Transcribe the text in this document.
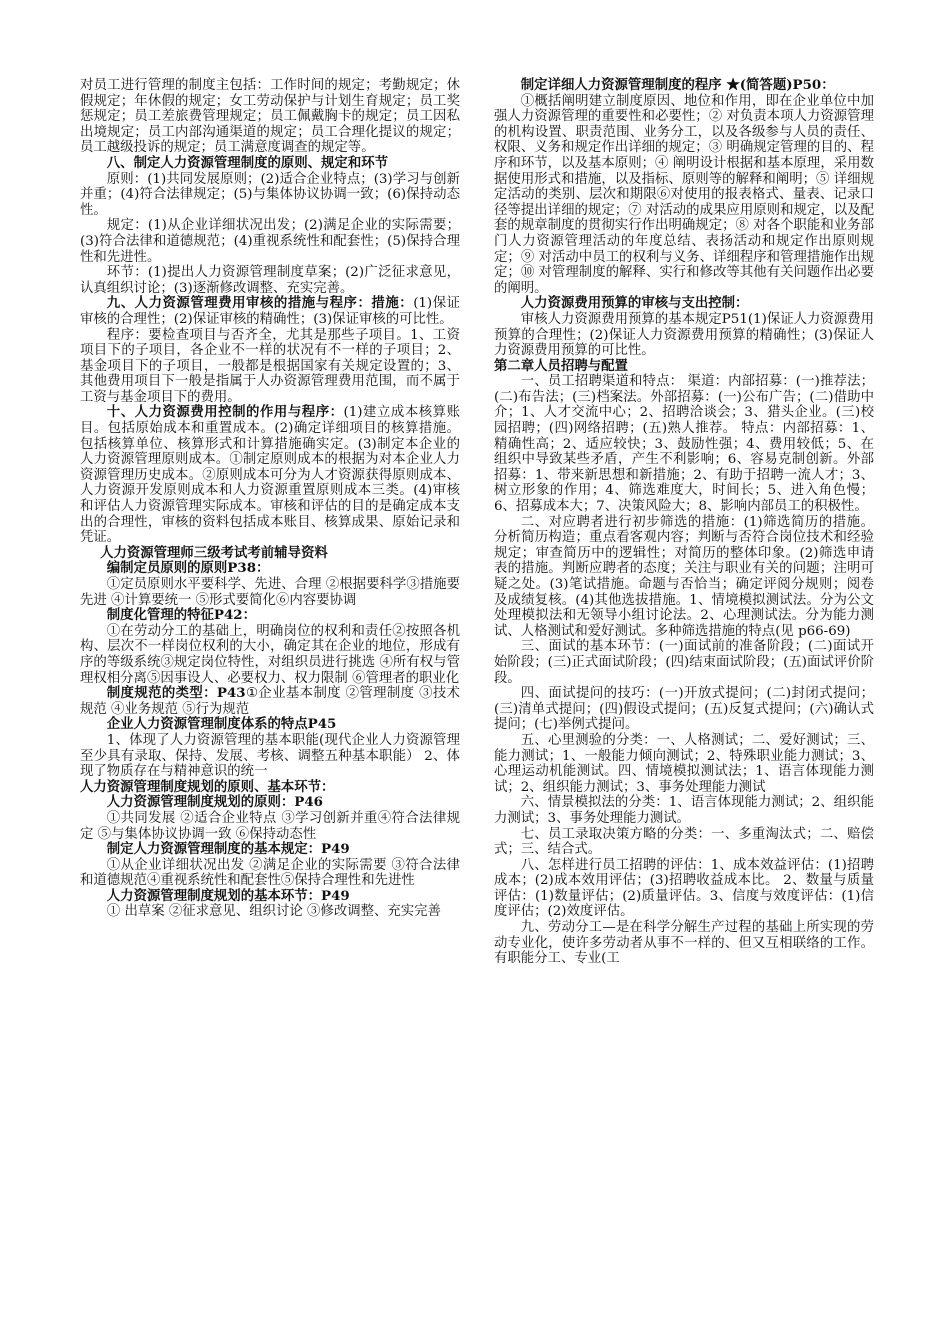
对员工进行管理的制度主包括：工作时间的规定；考勤规定；休假规定；年休假的规定；女工劳动保护与计划生育规定；员工奖惩规定；员工差旅费管理规定；员工佩戴胸卡的规定；员工因私出境规定；员工内部沟通渠道的规定；员工合理化提议的规定；员工越级投诉的规定；员工满意度调查的规定等。

八、制定人力资源管理制度的原则、规定和环节

原则：(1)共同发展原则；(2)适合企业特点；(3)学习与创新并重；(4)符合法律规定；(5)与集体协议协调一致；(6)保持动态性。

规定：(1)从企业详细状况出发；(2)满足企业的实际需要；(3)符合法律和道德规范；(4)重视系统性和配套性；(5)保持合理性和先进性。

环节：(1)提出人力资源管理制度草案；(2)广泛征求意见，认真组织讨论；(3)逐渐修改调整、充实完善。

九、人力资源管理费用审核的措施与程序：措施：(1)保证审核的合理性；(2)保证审核的精确性；(3)保证审核的可比性。

程序：要检查项目与否齐全，尤其是那些子项目。1、工资项目下的子项目，各企业不一样的状况有不一样的子项目；2、基金项目下的子项目，一般都是根据国家有关规定设置的；3、其他费用项目下一般是指属于人办资源管理费用范围，而不属于工资与基金项目下的费用。

十、人力资源费用控制的作用与程序：(1)建立成本核算账目。包括原始成本和重置成本。(2)确定详细项目的核算措施。包括核算单位、核算形式和计算措施确实定。(3)制定本企业的人力资源管理原则成本。①制定原则成本的根据为对本企业人力资源管理历史成本。②原则成本可分为人才资源获得原则成本、人力资源开发原则成本和人力资源重置原则成本三类。(4)审核和评估人力资源管理实际成本。审核和评估的目的是确定成本支出的合理性，审核的资料包括成本账目、核算成果、原始记录和凭证。

人力资源管理师三级考试考前辅导资料

编制定员原则的原则P38：

①定员原则水平要科学、先进、合理 ②根据要科学③措施要先进 ④计算要统一 ⑤形式要简化⑥内容要协调

制度化管理的特征P42：

①在劳动分工的基础上，明确岗位的权利和责任②按照各机构、层次不一样岗位权利的大小，确定其在企业的地位，形成有序的等级系统③规定岗位特性，对组织员进行挑选 ④所有权与管理权相分离⑤因事设人、必要权力、权力限制 ⑥管理者的职业化

制度规范的类型：P43①企业基本制度 ②管理制度 ③技术规范 ④业务规范 ⑤行为规范

企业人力资源管理制度体系的特点P45

1、体现了人力资源管理的基本职能(现代企业人力资源管理至少具有录取、保持、发展、考核、调整五种基本职能） 2、体现了物质存在与精神意识的统一

人力资源管理制度规划的原则、基本环节：

人力资源管理制度规划的原则：P46

①共同发展 ②适合企业特点 ③学习创新并重④符合法律规定 ⑤与集体协议协调一致 ⑥保持动态性

制定人力资源管理制度的基本规定：P49

①从企业详细状况出发 ②满足企业的实际需要 ③符合法律和道德规范④重视系统性和配套性⑤保持合理性和先进性

人力资源管理制度规划的基本环节：P49

① 出草案 ②征求意见、组织讨论 ③修改调整、充实完善

制定详细人力资源管理制度的程序 ★(简答题)P50：

①概括阐明建立制度原因、地位和作用，即在企业单位中加强人力资源管理的重要性和必要性；② 对负责本项人力资源管理的机构设置、职责范围、业务分工，以及各级参与人员的责任、权限、义务和规定作出详细的规定；③ 明确规定管理的目的、程序和环节，以及基本原则；④ 阐明设计根据和基本原理，采用数据使用形式和措施，以及指标、原则等的解释和阐明；⑤ 详细规定活动的类别、层次和期限⑥对使用的报表格式、量表、记录口径等提出详细的规定；⑦ 对活动的成果应用原则和规定，以及配套的规章制度的贯彻实行作出明确规定；⑧ 对各个职能和业务部门人力资源管理活动的年度总结、表扬活动和规定作出原则规定；⑨ 对活动中员工的权利与义务、详细程序和管理措施作出规定；⑩ 对管理制度的解释、实行和修改等其他有关问题作出必要的阐明。

人力资源费用预算的审核与支出控制：

审核人力资源费用预算的基本规定P51(1)保证人力资源费用预算的合理性；(2)保证人力资源费用预算的精确性；(3)保证人力资源费用预算的可比性。

第二章人员招聘与配置

一、员工招聘渠道和特点： 渠道：内部招募：(一)推荐法；(二)布告法；(三)档案法。外部招募：(一)公布广告；(二)借助中介；1、人才交流中心；2、招聘洽谈会；3、猎头企业。(三)校园招聘；(四)网络招聘；(五)熟人推荐。 特点：内部招募：1、精确性高；2、适应较快；3、鼓励性强；4、费用较低；5、在组织中导致某些矛盾，产生不利影响；6、容易克制创新。外部招募：1、带来新思想和新措施；2、有助于招聘一流人才；3、树立形象的作用；4、筛选难度大，时间长；5、进入角色慢；6、招募成本大；7、决策风险大；8、影响内部员工的积极性。

二、对应聘者进行初步筛选的措施：(1)筛选简历的措施。分析简历构造；重点看客观内容；判断与否符合岗位技术和经验规定；审查简历中的逻辑性；对简历的整体印象。(2)筛选申请表的措施。判断应聘者的态度；关注与职业有关的问题；注明可疑之处。(3)笔试措施。命题与否恰当；确定评阅分规则；阅卷及成绩复核。(4)其他选拔措施。1、情境模拟测试法。分为公文处理模拟法和无领导小组讨论法。2、心理测试法。分为能力测试、人格测试和爱好测试。多种筛选措施的特点(见 p66-69)

三、面试的基本环节：(一)面试前的准备阶段；(二)面试开始阶段；(三)正式面试阶段；(四)结束面试阶段；(五)面试评价阶段。

四、面试提问的技巧：(一)开放式提问；(二)封闭式提问；(三)清单式提问；(四)假设式提问；(五)反复式提问；(六)确认式提问；(七)举例式提问。

五、心里测验的分类：一、人格测试；二、爱好测试；三、能力测试；1、一般能力倾向测试；2、特殊职业能力测试；3、心理运动机能测试。四、情境模拟测试法；1、语言体现能力测试；2、组织能力测试；3、事务处理能力测试

六、情景模拟法的分类：1、语言体现能力测试；2、组织能力测试；3、事务处理能力测试。

七、员工录取决策方略的分类：一、多重淘汰式；二、赔偿式；三、结合式。

八、怎样进行员工招聘的评估：1、成本效益评估：(1)招聘成本；(2)成本效用评估；(3)招聘收益成本比。 2、数量与质量评估：(1)数量评估；(2)质量评估。3、信度与效度评估：(1)信度评估；(2)效度评估。

九、劳动分工—是在科学分解生产过程的基础上所实现的劳动专业化，使许多劳动者从事不一样的、但又互相联络的工作。有职能分工、专业(工
